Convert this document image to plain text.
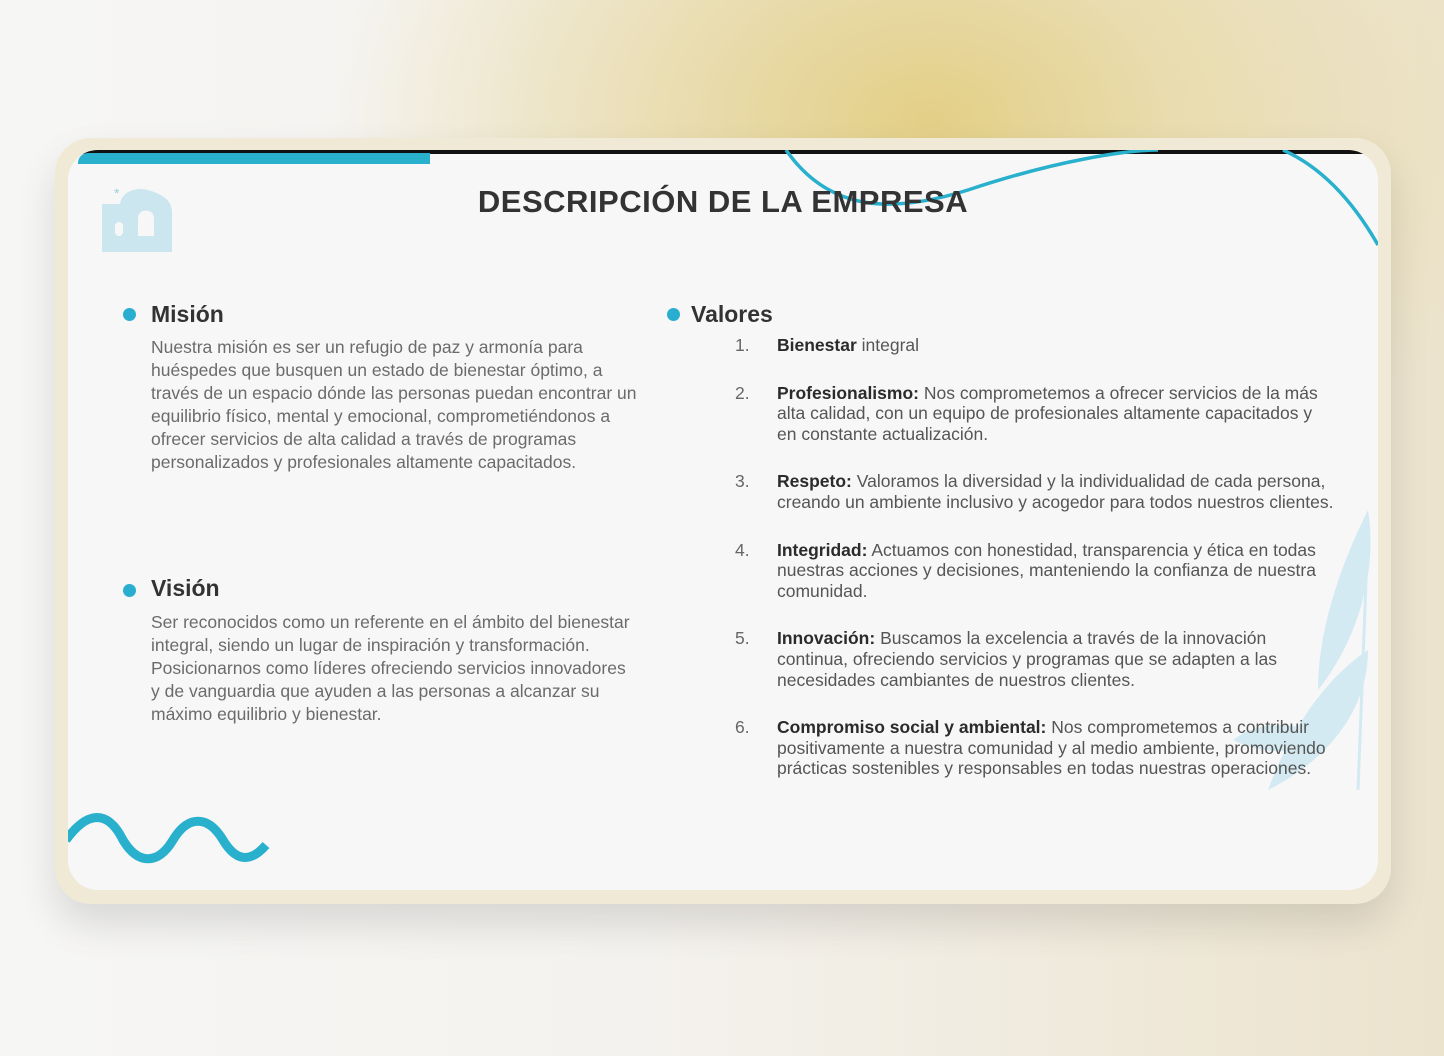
*	DESCRIPCIÓN DE LA EMPRESA
Misión
Nuestra misión es ser un refugio de paz y armonía para huéspedes que busquen un estado de bienestar óptimo, a través de un espacio dónde las personas puedan encontrar un equilibrio físico, mental y emocional, comprometiéndonos a ofrecer servicios de alta calidad a través de programas personalizados y profesionales altamente capacitados.
Visión
Ser reconocidos como un referente en el ámbito del bienestar integral, siendo un lugar de inspiración y transformación. Posicionarnos como líderes ofreciendo servicios innovadores y de vanguardia que ayuden a las personas a alcanzar su máximo equilibrio y bienestar.
Valores
1.	Bienestar integral
2.	Profesionalismo: Nos comprometemos a ofrecer servicios de la más alta calidad, con un equipo de profesionales altamente capacitados y en constante actualización.
3.	Respeto: Valoramos la diversidad y la individualidad de cada persona, creando un ambiente inclusivo y acogedor para todos nuestros clientes.
4.	Integridad: Actuamos con honestidad, transparencia y ética en todas nuestras acciones y decisiones, manteniendo la confianza de nuestra comunidad.
5.	Innovación: Buscamos la excelencia a través de la innovación continua, ofreciendo servicios y programas que se adapten a las necesidades cambiantes de nuestros clientes.
6.	Compromiso social y ambiental: Nos comprometemos a contribuir positivamente a nuestra comunidad y al medio ambiente, promoviendo prácticas sostenibles y responsables en todas nuestras operaciones.
